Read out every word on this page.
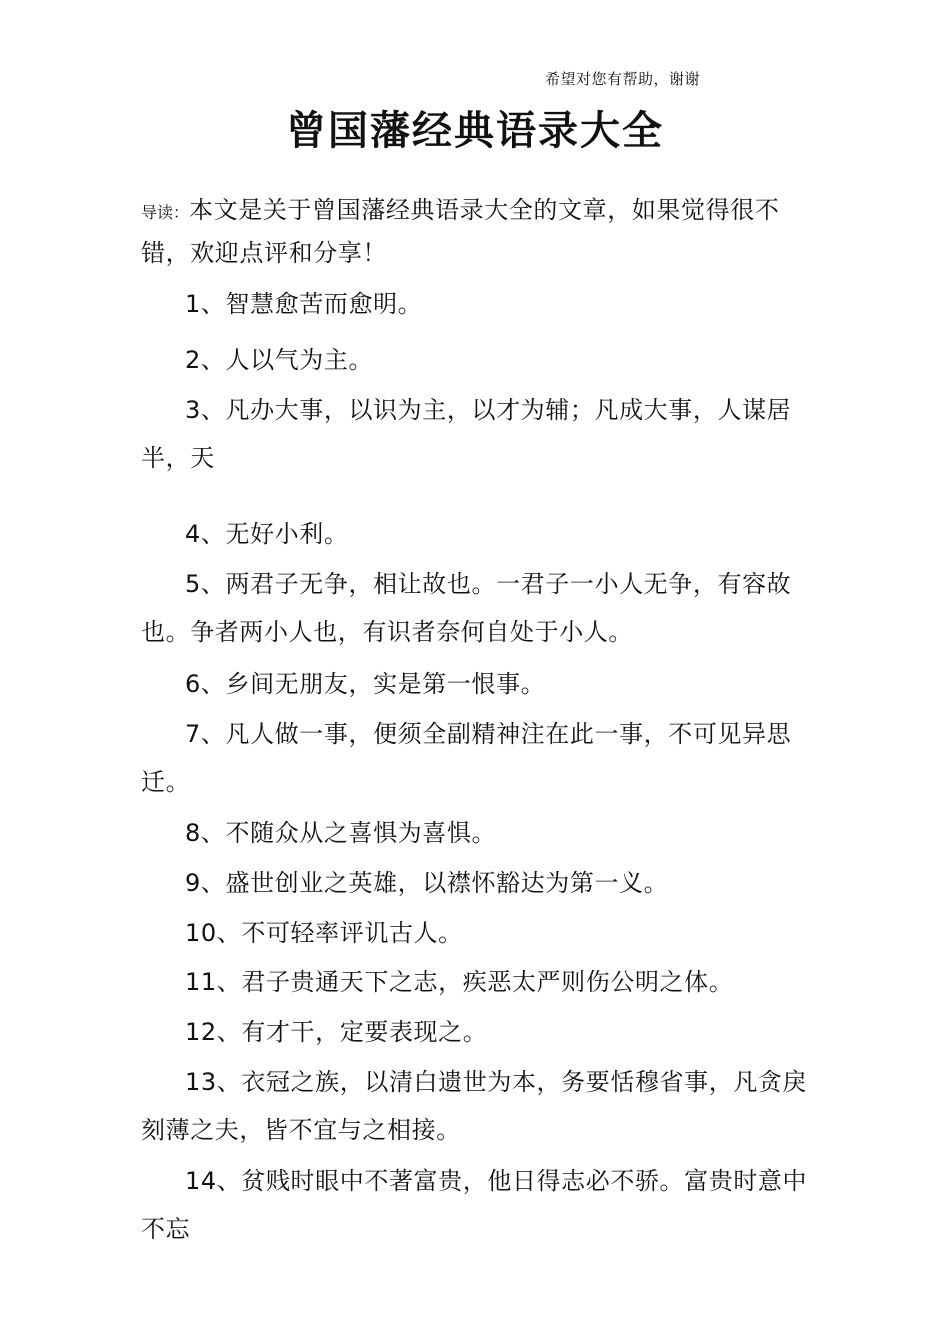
希望对您有帮助，谢谢
曾国藩经典语录大全
导读：本文是关于曾国藩经典语录大全的文章，如果觉得很不错，欢迎点评和分享！
1、智慧愈苦而愈明。
2、人以气为主。
3、凡办大事，以识为主，以才为辅；凡成大事，人谋居半，天
4、无好小利。
5、两君子无争，相让故也。一君子一小人无争，有容故也。争者两小人也，有识者奈何自处于小人。
6、乡间无朋友，实是第一恨事。
7、凡人做一事，便须全副精神注在此一事，不可见异思迁。
8、不随众从之喜惧为喜惧。
9、盛世创业之英雄，以襟怀豁达为第一义。
10、不可轻率评讥古人。
11、君子贵通天下之志，疾恶太严则伤公明之体。
12、有才干，定要表现之。
13、衣冠之族，以清白遗世为本，务要恬穆省事，凡贪戾刻薄之夫，皆不宜与之相接。
14、贫贱时眼中不著富贵，他日得志必不骄。富贵时意中不忘
